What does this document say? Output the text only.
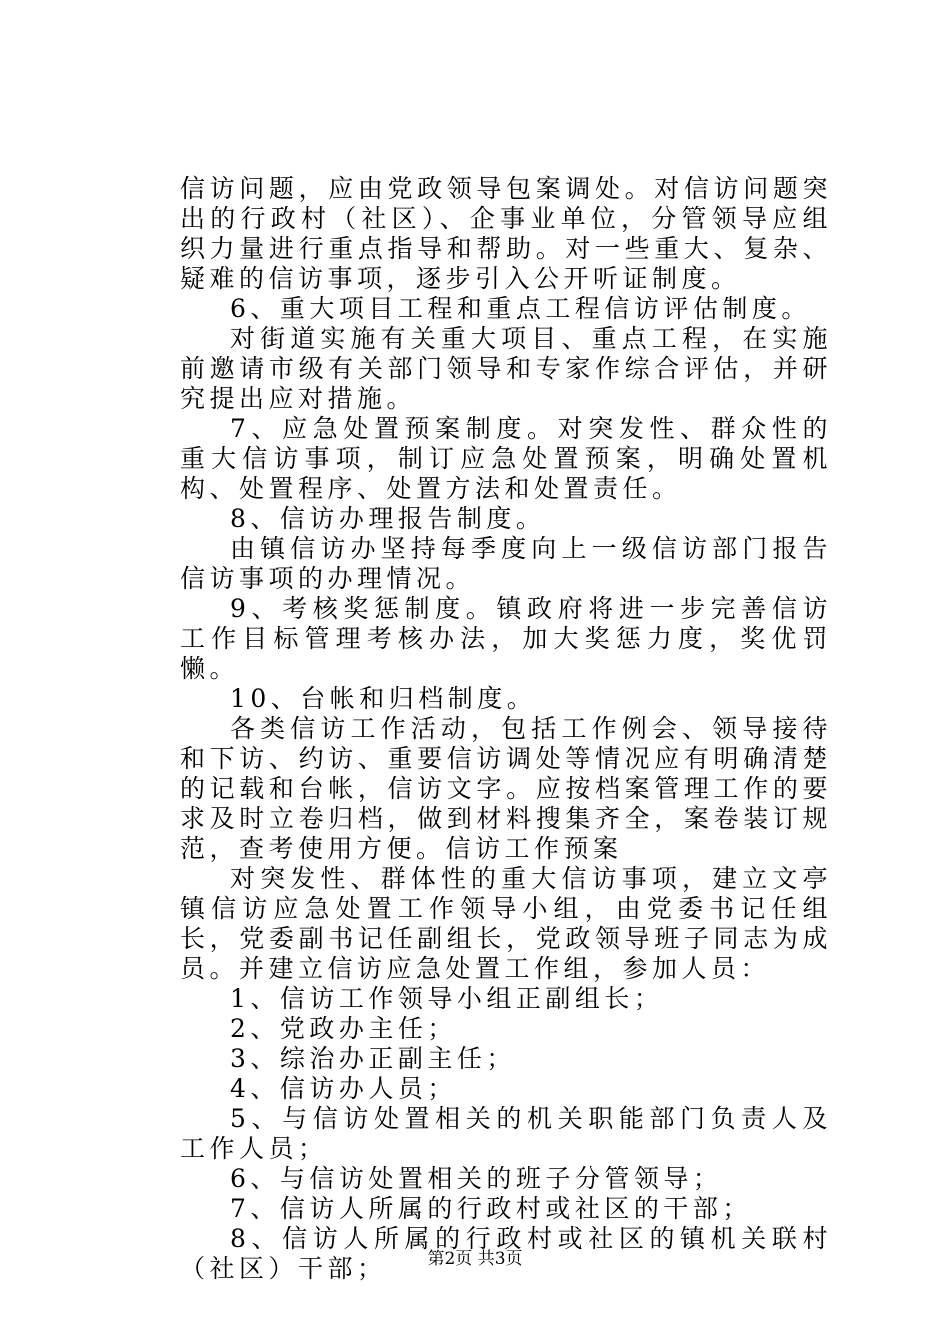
信访问题，应由党政领导包案调处。对信访问题突出的行政村（社区）、企事业单位，分管领导应组织力量进行重点指导和帮助。对一些重大、复杂、疑难的信访事项，逐步引入公开听证制度。

6、重大项目工程和重点工程信访评估制度。

对街道实施有关重大项目、重点工程，在实施前邀请市级有关部门领导和专家作综合评估，并研究提出应对措施。

7、应急处置预案制度。对突发性、群众性的重大信访事项，制订应急处置预案，明确处置机构、处置程序、处置方法和处置责任。

8、信访办理报告制度。

由镇信访办坚持每季度向上一级信访部门报告信访事项的办理情况。

9、考核奖惩制度。镇政府将进一步完善信访工作目标管理考核办法，加大奖惩力度，奖优罚懒。

10、台帐和归档制度。

各类信访工作活动，包括工作例会、领导接待和下访、约访、重要信访调处等情况应有明确清楚的记载和台帐，信访文字。应按档案管理工作的要求及时立卷归档，做到材料搜集齐全，案卷装订规范，查考使用方便。信访工作预案

对突发性、群体性的重大信访事项，建立文亭镇信访应急处置工作领导小组，由党委书记任组长，党委副书记任副组长，党政领导班子同志为成员。并建立信访应急处置工作组，参加人员：

1、信访工作领导小组正副组长；

2、党政办主任；

3、综治办正副主任；

4、信访办人员；

5、与信访处置相关的机关职能部门负责人及工作人员；

6、与信访处置相关的班子分管领导；

7、信访人所属的行政村或社区的干部；

8、信访人所属的行政村或社区的镇机关联村（社区）干部；	第2页 共3页
